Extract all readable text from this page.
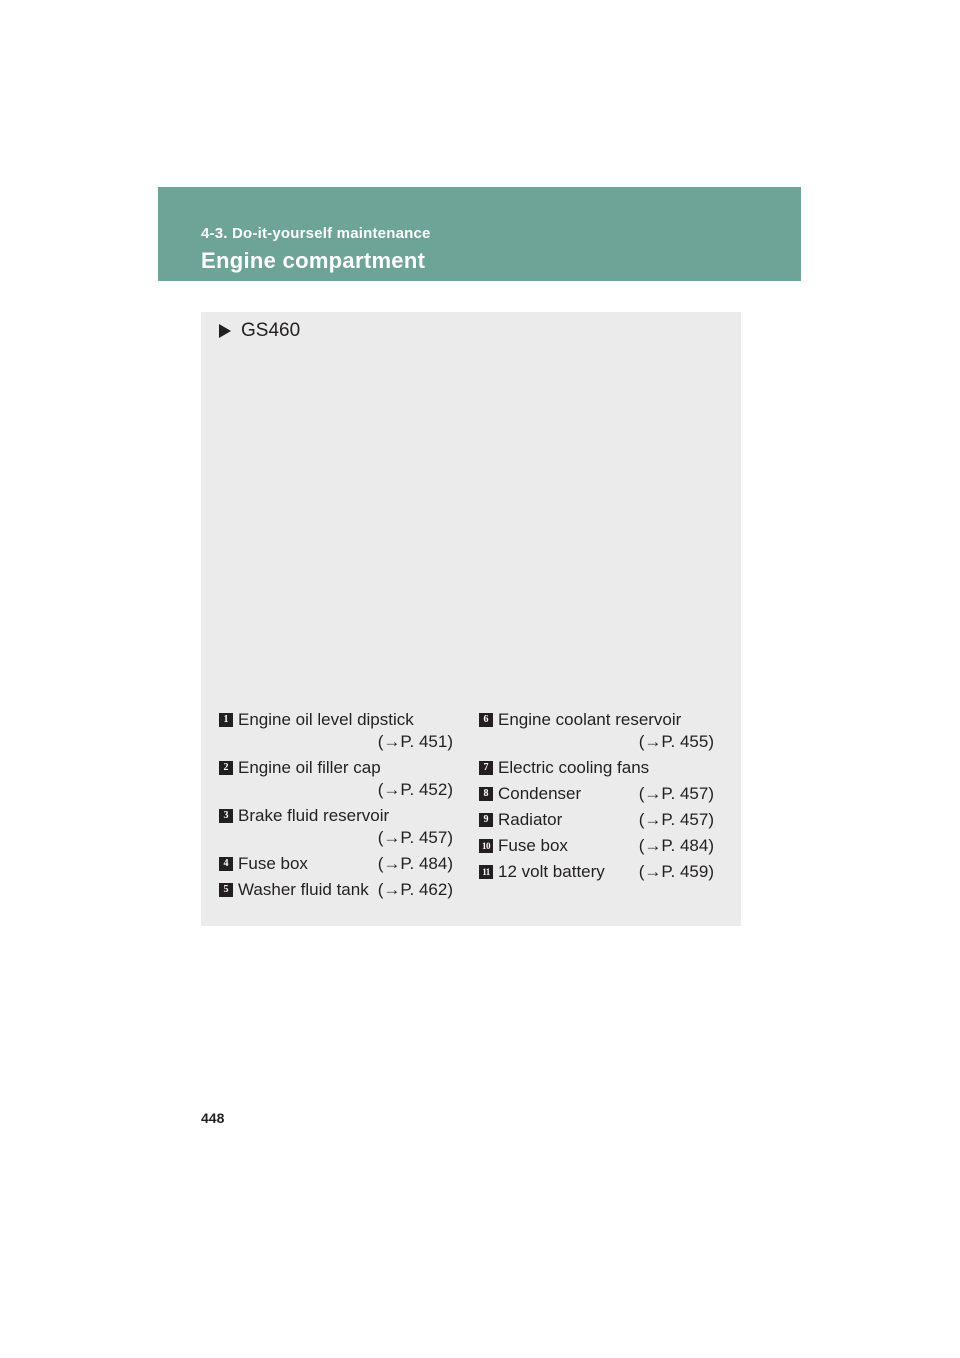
4-3. Do-it-yourself maintenance
Engine compartment
GS460
1 Engine oil level dipstick
(→P. 451)
2 Engine oil filler cap
(→P. 452)
3 Brake fluid reservoir
(→P. 457)
4 Fuse box	(→P. 484)
5 Washer fluid tank (→P. 462)
6 Engine coolant reservoir
(→P. 455)
7 Electric cooling fans
8 Condenser	(→P. 457)
9 Radiator	(→P. 457)
10 Fuse box	(→P. 484)
11 12 volt battery (→P. 459)
448
